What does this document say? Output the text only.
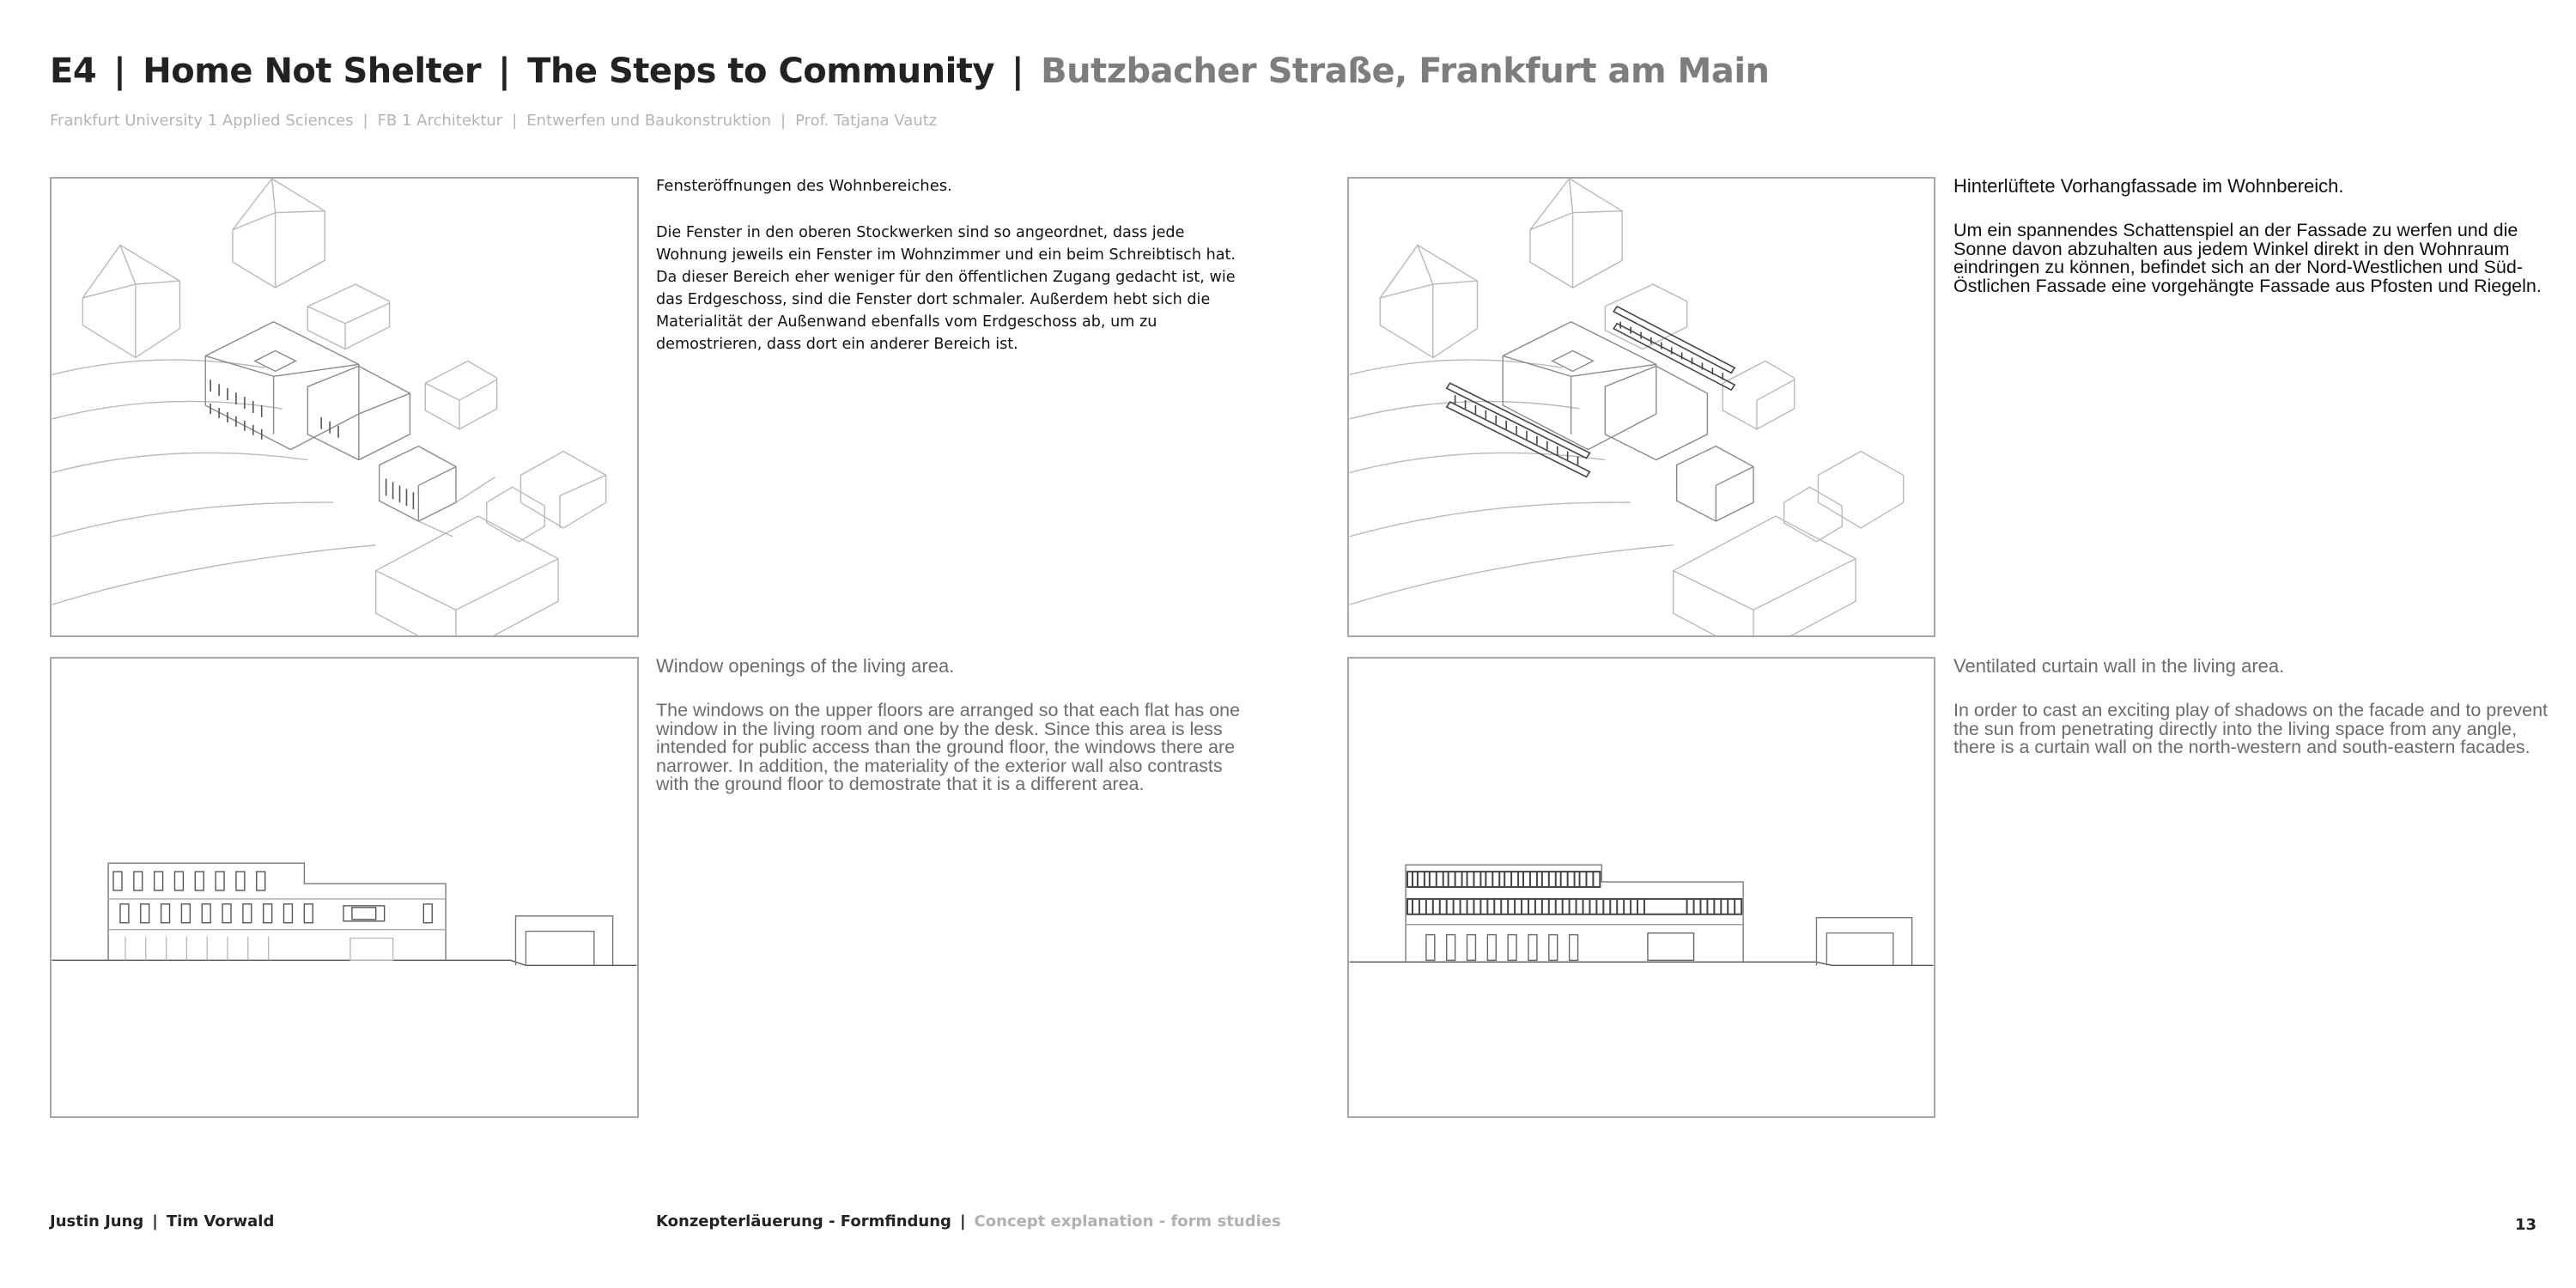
E4 | Home Not Shelter | The Steps to Community | Butzbacher Straße, Frankfurt am Main
Frankfurt University 1 Applied Sciences | FB 1 Architektur | Entwerfen und Baukonstruktion | Prof. Tatjana Vautz

Fensteröffnungen des Wohnbereiches.

Die Fenster in den oberen Stockwerken sind so angeordnet, dass jede Wohnung jeweils ein Fenster im Wohnzimmer und ein beim Schreibtisch hat. Da dieser Bereich eher weniger für den öffentlichen Zugang gedacht ist, wie das Erdgeschoss, sind die Fenster dort schmaler. Außerdem hebt sich die Materialität der Außenwand ebenfalls vom Erdgeschoss ab, um zu demostrieren, dass dort ein anderer Bereich ist.

Window openings of the living area.

The windows on the upper floors are arranged so that each flat has one window in the living room and one by the desk. Since this area is less intended for public access than the ground floor, the windows there are narrower. In addition, the materiality of the exterior wall also contrasts with the ground floor to demostrate that it is a different area.

Hinterlüftete Vorhangfassade im Wohnbereich.

Um ein spannendes Schattenspiel an der Fassade zu werfen und die Sonne davon abzuhalten aus jedem Winkel direkt in den Wohnraum eindringen zu können, befindet sich an der Nord-Westlichen und Süd-Östlichen Fassade eine vorgehängte Fassade aus Pfosten und Riegeln.

Ventilated curtain wall in the living area.

In order to cast an exciting play of shadows on the facade and to prevent the sun from penetrating directly into the living space from any angle, there is a curtain wall on the north-western and south-eastern facades.

Justin Jung | Tim Vorwald	Konzepterläuerung - Formfindung | Concept explanation - form studies	13
